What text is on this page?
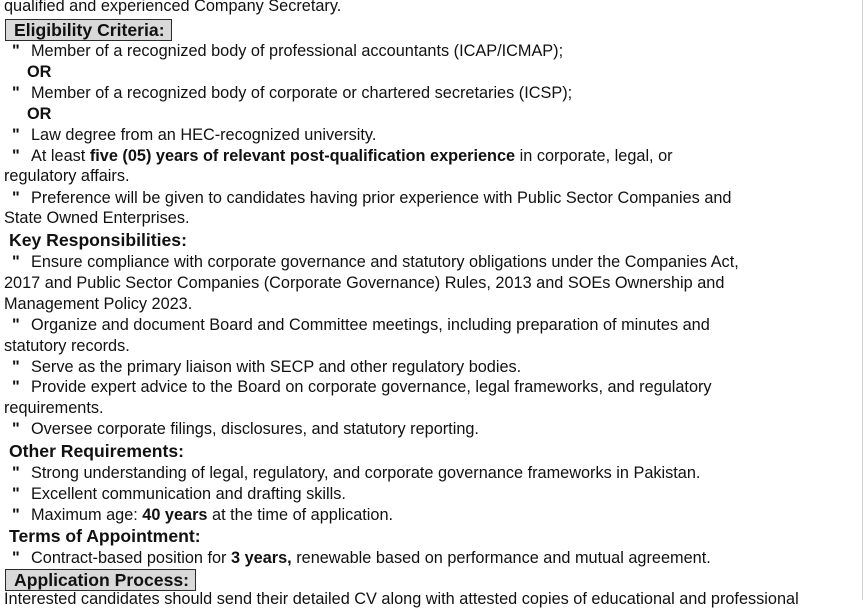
qualified and experienced Company Secretary.
Eligibility Criteria:
" Member of a recognized body of professional accountants (ICAP/ICMAP);
OR
" Member of a recognized body of corporate or chartered secretaries (ICSP);
OR
" Law degree from an HEC-recognized university.
" At least five (05) years of relevant post-qualification experience in corporate, legal, or
regulatory affairs.
" Preference will be given to candidates having prior experience with Public Sector Companies and
State Owned Enterprises.
Key Responsibilities:
" Ensure compliance with corporate governance and statutory obligations under the Companies Act,
2017 and Public Sector Companies (Corporate Governance) Rules, 2013 and SOEs Ownership and
Management Policy 2023.
" Organize and document Board and Committee meetings, including preparation of minutes and
statutory records.
" Serve as the primary liaison with SECP and other regulatory bodies.
" Provide expert advice to the Board on corporate governance, legal frameworks, and regulatory
requirements.
" Oversee corporate filings, disclosures, and statutory reporting.
Other Requirements:
" Strong understanding of legal, regulatory, and corporate governance frameworks in Pakistan.
" Excellent communication and drafting skills.
" Maximum age: 40 years at the time of application.
Terms of Appointment:
" Contract-based position for 3 years, renewable based on performance and mutual agreement.
Application Process:
Interested candidates should send their detailed CV along with attested copies of educational and professional
